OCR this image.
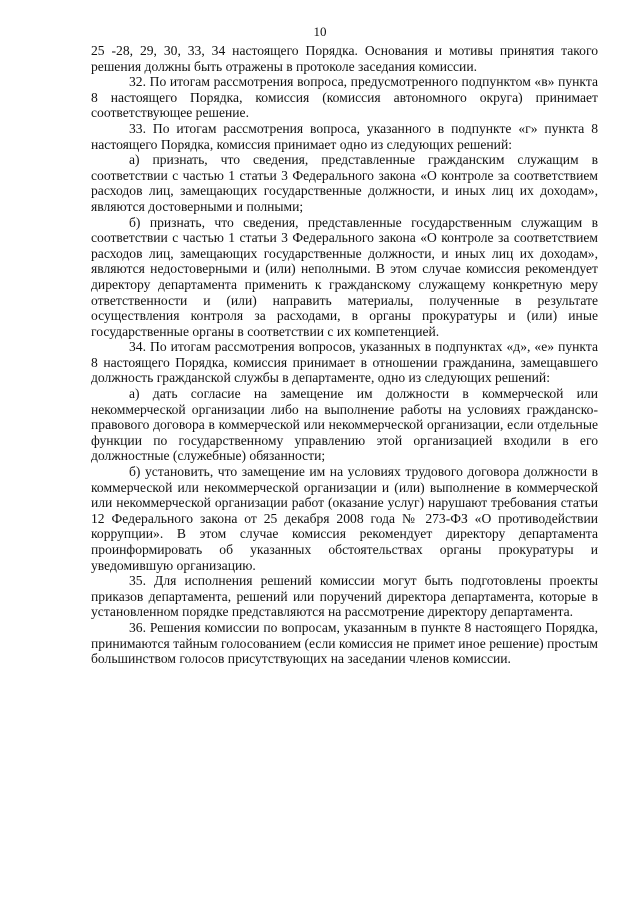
10

25 -28, 29, 30, 33, 34 настоящего Порядка. Основания и мотивы принятия такого решения должны быть отражены в протоколе заседания комиссии.

32. По итогам рассмотрения вопроса, предусмотренного подпунктом «в» пункта 8 настоящего Порядка, комиссия (комиссия автономного округа) принимает соответствующее решение.

33. По итогам рассмотрения вопроса, указанного в подпункте «г» пункта 8 настоящего Порядка, комиссия принимает одно из следующих решений:

а) признать, что сведения, представленные гражданским служащим в соответствии с частью 1 статьи 3 Федерального закона «О контроле за соответствием расходов лиц, замещающих государственные должности, и иных лиц их доходам», являются достоверными и полными;

б) признать, что сведения, представленные государственным служащим в соответствии с частью 1 статьи 3 Федерального закона «О контроле за соответствием расходов лиц, замещающих государственные должности, и иных лиц их доходам», являются недостоверными и (или) неполными. В этом случае комиссия рекомендует директору департамента применить к гражданскому служащему конкретную меру ответственности и (или) направить материалы, полученные в результате осуществления контроля за расходами, в органы прокуратуры и (или) иные государственные органы в соответствии с их компетенцией.

34. По итогам рассмотрения вопросов, указанных в подпунктах «д», «е» пункта 8 настоящего Порядка, комиссия принимает в отношении гражданина, замещавшего должность гражданской службы в департаменте, одно из следующих решений:

а) дать согласие на замещение им должности в коммерческой или некоммерческой организации либо на выполнение работы на условиях гражданско-правового договора в коммерческой или некоммерческой организации, если отдельные функции по государственному управлению этой организацией входили в его должностные (служебные) обязанности;

б) установить, что замещение им на условиях трудового договора должности в коммерческой или некоммерческой организации и (или) выполнение в коммерческой или некоммерческой организации работ (оказание услуг) нарушают требования статьи 12 Федерального закона от 25 декабря 2008 года № 273-ФЗ «О противодействии коррупции». В этом случае комиссия рекомендует директору департамента проинформировать об указанных обстоятельствах органы прокуратуры и уведомившую организацию.

35. Для исполнения решений комиссии могут быть подготовлены проекты приказов департамента, решений или поручений директора департамента, которые в установленном порядке представляются на рассмотрение директору департамента.

36. Решения комиссии по вопросам, указанным в пункте 8 настоящего Порядка, принимаются тайным голосованием (если комиссия не примет иное решение) простым большинством голосов присутствующих на заседании членов комиссии.
